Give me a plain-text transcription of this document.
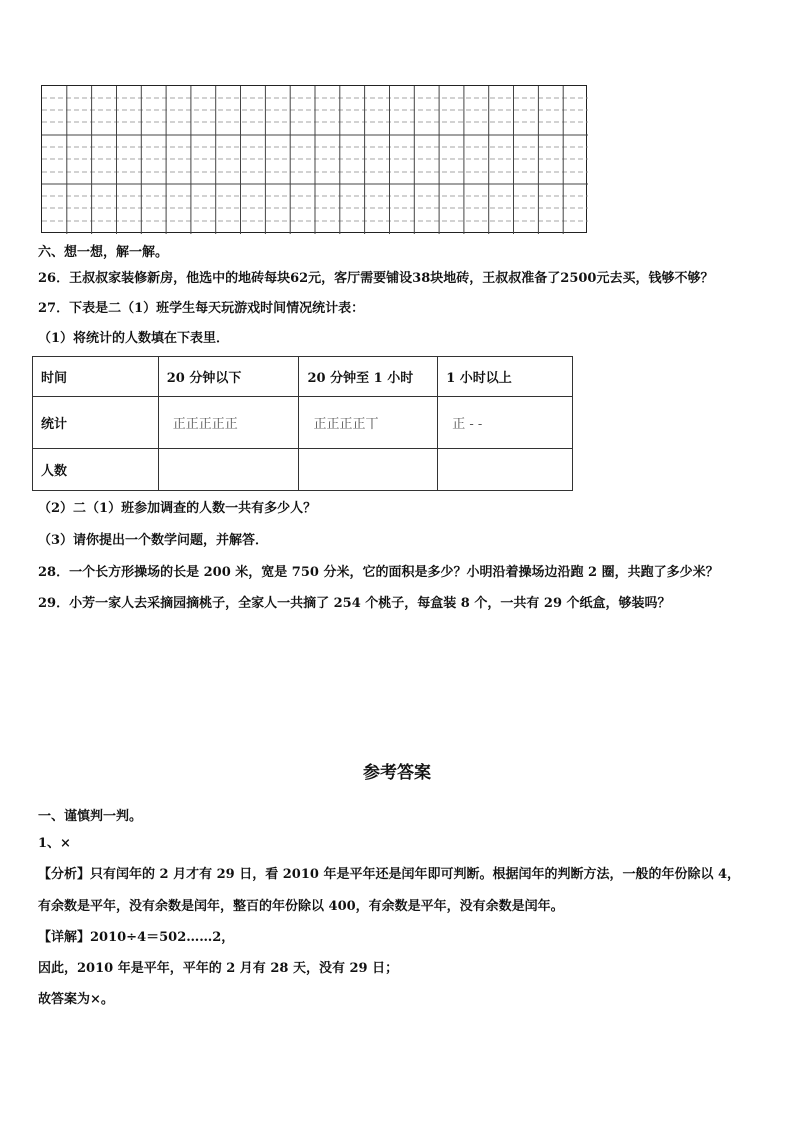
六、想一想，解一解。
26．王叔叔家装修新房，他选中的地砖每块62元，客厅需要铺设38块地砖，王叔叔准备了2500元去买，钱够不够？
27．下表是二（1）班学生每天玩游戏时间情况统计表：
（1）将统计的人数填在下表里．
时间	20 分钟以下	20 分钟至 1 小时	1 小时以上
统计	正正正正正	正正正正丅	正 - -
人数			
（2）二（1）班参加调查的人数一共有多少人？
（3）请你提出一个数学问题，并解答．
28．一个长方形操场的长是 200 米，宽是 750 分米，它的面积是多少？小明沿着操场边沿跑 2 圈，共跑了多少米？
29．小芳一家人去采摘园摘桃子，全家人一共摘了 254 个桃子，每盒装 8 个，一共有 29 个纸盒，够装吗？
参考答案
一、谨慎判一判。
1、×
【分析】只有闰年的 2 月才有 29 日，看 2010 年是平年还是闰年即可判断。根据闰年的判断方法，一般的年份除以 4，
有余数是平年，没有余数是闰年，整百的年份除以 400，有余数是平年，没有余数是闰年。
【详解】2010÷4＝502……2，
因此，2010 年是平年，平年的 2 月有 28 天，没有 29 日；
故答案为×。
